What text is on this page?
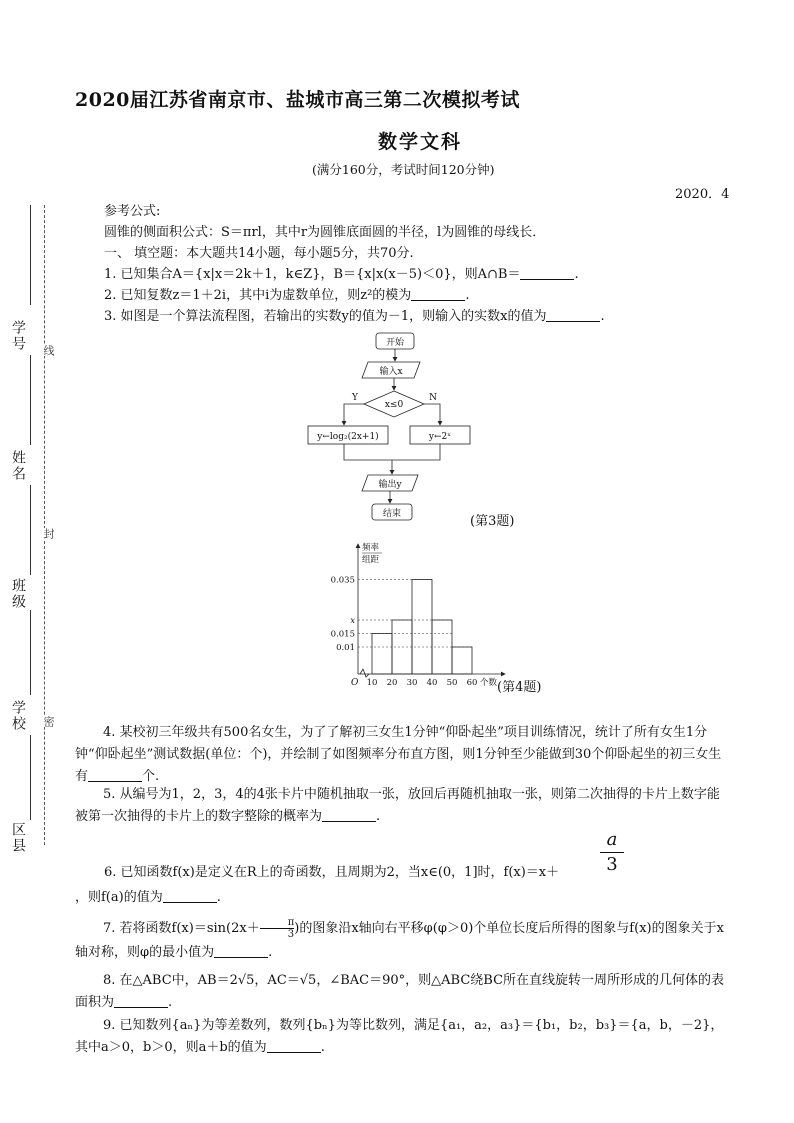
2020届江苏省南京市、盐城市高三第二次模拟考试
数学文科
(满分160分，考试时间120分钟)
2020．4
学号
姓名
班级
学校
区县
线
封
密
参考公式:
圆锥的侧面积公式：S＝πrl，其中r为圆锥底面圆的半径，l为圆锥的母线长．
一、 填空题：本大题共14小题，每小题5分，共70分.
1. 已知集合A＝{x|x＝2k＋1，k∈Z}，B＝{x|x(x－5)＜0}，则A∩B＝	.
2. 已知复数z＝1＋2i，其中i为虚数单位，则z²的模为	.
3. 如图是一个算法流程图，若输出的实数y的值为－1，则输入的实数x的值为	.
开始
输入x
x≤0
Y	N
y←log₂(2x+1)	y←2ˣ
输出y
结束	(第3题)
0.035
x
0.015
0.01
10 20 30 40 50 60
O	个数
频率
组距
(第4题)
4. 某校初三年级共有500名女生，为了了解初三女生1分钟“仰卧起坐”项目训练情况，统计了所有女生1分钟“仰卧起坐”测试数据(单位：个)，并绘制了如图频率分布直方图，则1分钟至少能做到30个仰卧起坐的初三女生有	个.
5. 从编号为1，2，3，4的4张卡片中随机抽取一张，放回后再随机抽取一张，则第二次抽得的卡片上数字能被第一次抽得的卡片上的数字整除的概率为	.
6. 已知函数f(x)是定义在R上的奇函数，且周期为2，当x∈(0，1]时，f(x)＝x＋
a
3
，则f(a)的值为	.
7. 若将函数$f(x)=\sin(2x+ \frac{\pi}{3}$ )的图象沿x轴向右平移φ(φ＞0)个单位长度后所得的图象与f(x)的图象关于x轴对称，则φ的最小值为	.
8. 在△ABC中，AB＝2√5，AC＝√5，∠BAC＝90°，则△ABC绕BC所在直线旋转一周所形成的几何体的表面积为	.
9. 已知数列{aₙ}为等差数列，数列{bₙ}为等比数列，满足{a₁，a₂，a₃}＝{b₁，b₂，b₃}＝{a，b，－2}，其中a＞0，b＞0，则a＋b的值为	.
